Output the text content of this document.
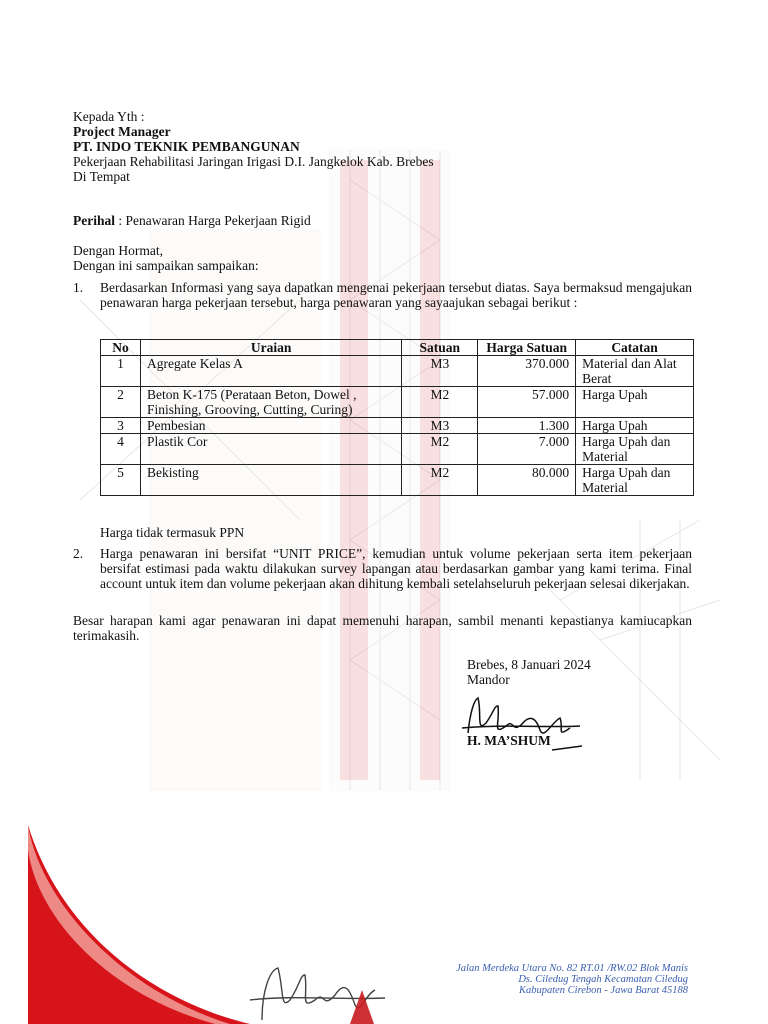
Kepada Yth :
Project Manager
PT. INDO TEKNIK PEMBANGUNAN
Pekerjaan Rehabilitasi Jaringan Irigasi D.I. Jangkelok Kab. Brebes
Di Tempat
Perihal : Penawaran Harga Pekerjaan Rigid
Dengan Hormat,
Dengan ini sampaikan sampaikan:
1. Berdasarkan Informasi yang saya dapatkan mengenai pekerjaan tersebut diatas. Saya bermaksud mengajukan penawaran harga pekerjaan tersebut, harga penawaran yang sayaajukan sebagai berikut :
No	Uraian	Satuan	Harga Satuan	Catatan
1	Agregate Kelas A	M3	370.000	Material dan Alat Berat
2	Beton K-175 (Perataan Beton, Dowel , Finishing, Grooving, Cutting, Curing)	M2	57.000	Harga Upah
3	Pembesian	M3	1.300	Harga Upah
4	Plastik Cor	M2	7.000	Harga Upah dan Material
5	Bekisting	M2	80.000	Harga Upah dan Material
Harga tidak termasuk PPN
2. Harga penawaran ini bersifat “UNIT PRICE”, kemudian untuk volume pekerjaan serta item pekerjaan bersifat estimasi pada waktu dilakukan survey lapangan atau berdasarkan gambar yang kami terima. Final account untuk item dan volume pekerjaan akan dihitung kembali setelahseluruh pekerjaan selesai dikerjakan.
Besar harapan kami agar penawaran ini dapat memenuhi harapan, sambil menanti kepastianya kamiucapkan terimakasih.
Brebes, 8 Januari 2024
Mandor
H. MA’SHUM
Jalan Merdeka Utara No. 82 RT.01 /RW.02 Blok Manis
Ds. Ciledug Tengah Kecamatan Ciledug
Kabupaten Cirebon - Jawa Barat 45188
